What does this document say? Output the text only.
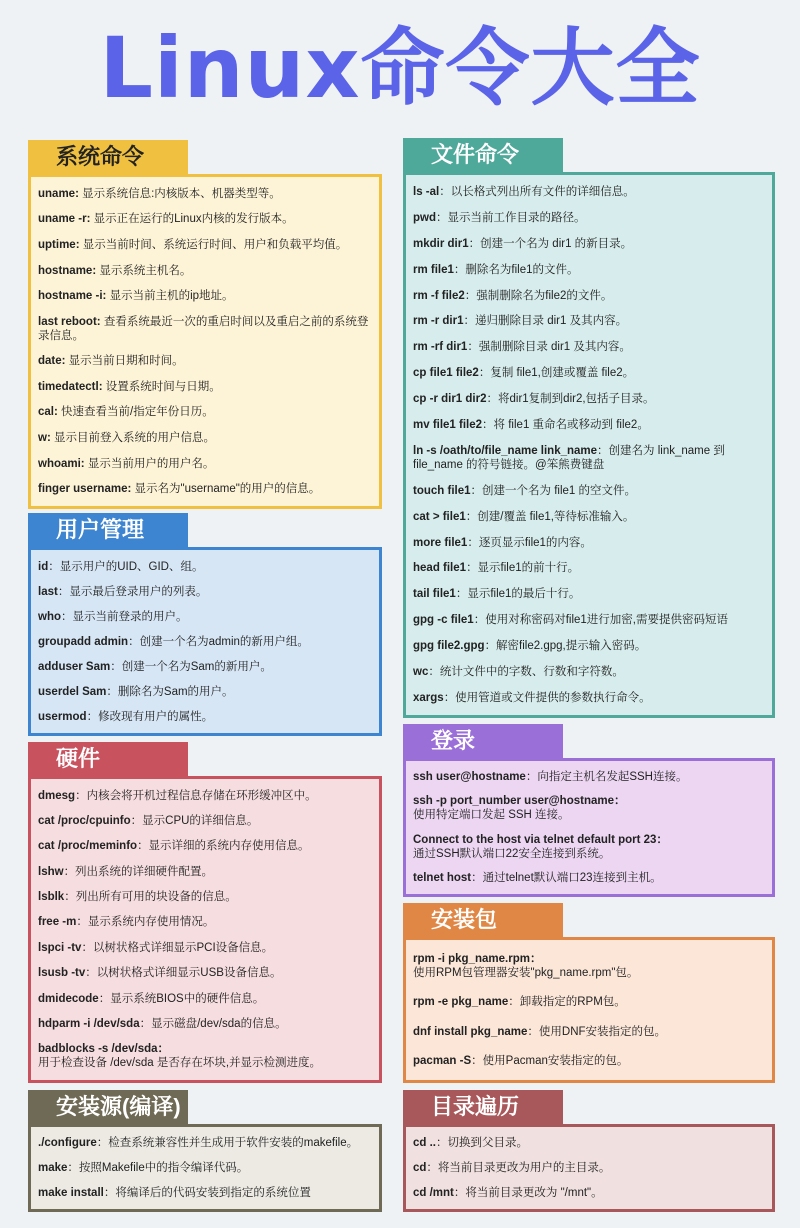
Linux命令大全
系统命令
uname: 显示系统信息:内核版本、机器类型等。
uname -r: 显示正在运行的Linux内核的发行版本。
uptime: 显示当前时间、系统运行时间、用户和负载平均值。
hostname: 显示系统主机名。
hostname -i: 显示当前主机的ip地址。
last reboot: 查看系统最近一次的重启时间以及重启之前的系统登录信息。
date: 显示当前日期和时间。
timedatectl: 设置系统时间与日期。
cal: 快速查看当前/指定年份日历。
w: 显示目前登入系统的用户信息。
whoami: 显示当前用户的用户名。
finger username: 显示名为"username"的用户的信息。
用户管理
id：显示用户的UID、GID、组。
last：显示最后登录用户的列表。
who：显示当前登录的用户。
groupadd admin：创建一个名为admin的新用户组。
adduser Sam：创建一个名为Sam的新用户。
userdel Sam：删除名为Sam的用户。
usermod：修改现有用户的属性。
硬件
dmesg：内核会将开机过程信息存储在环形缓冲区中。
cat /proc/cpuinfo：显示CPU的详细信息。
cat /proc/meminfo：显示详细的系统内存使用信息。
lshw：列出系统的详细硬件配置。
lsblk：列出所有可用的块设备的信息。
free -m：显示系统内存使用情况。
lspci -tv：以树状格式详细显示PCI设备信息。
lsusb -tv：以树状格式详细显示USB设备信息。
dmidecode：显示系统BIOS中的硬件信息。
hdparm -i /dev/sda：显示磁盘/dev/sda的信息。
badblocks -s /dev/sda：
用于检查设备 /dev/sda 是否存在坏块,并显示检测进度。
安装源(编译)
./configure：检查系统兼容性并生成用于软件安装的makefile。
make：按照Makefile中的指令编译代码。
make install：将编译后的代码安装到指定的系统位置
文件命令
ls -al：以长格式列出所有文件的详细信息。
pwd：显示当前工作目录的路径。
mkdir dir1：创建一个名为 dir1 的新目录。
rm file1：删除名为file1的文件。
rm -f file2：强制删除名为file2的文件。
rm -r dir1：递归删除目录 dir1 及其内容。
rm -rf dir1：强制删除目录 dir1 及其内容。
cp file1 file2：复制 file1,创建或覆盖 file2。
cp -r dir1 dir2：将dir1复制到dir2,包括子目录。
mv file1 file2：将 file1 重命名或移动到 file2。
ln -s /oath/to/file_name link_name：创建名为 link_name 到 file_name 的符号链接。@笨熊费键盘
touch file1：创建一个名为 file1 的空文件。
cat > file1：创建/覆盖 file1,等待标准输入。
more file1：逐页显示file1的内容。
head file1：显示file1的前十行。
tail file1：显示file1的最后十行。
gpg -c file1：使用对称密码对file1进行加密,需要提供密码短语
gpg file2.gpg：解密file2.gpg,提示输入密码。
wc：统计文件中的字数、行数和字符数。
xargs：使用管道或文件提供的参数执行命令。
登录
ssh user@hostname：向指定主机名发起SSH连接。
ssh -p port_number user@hostname：
使用特定端口发起 SSH 连接。
Connect to the host via telnet default port 23：
通过SSH默认端口22安全连接到系统。
telnet host：通过telnet默认端口23连接到主机。
安装包
rpm -i pkg_name.rpm：
使用RPM包管理器安装"pkg_name.rpm"包。
rpm -e pkg_name：卸载指定的RPM包。
dnf install pkg_name：使用DNF安装指定的包。
pacman -S：使用Pacman安装指定的包。
目录遍历
cd ..：切换到父目录。
cd：将当前目录更改为用户的主目录。
cd /mnt：将当前目录更改为 "/mnt"。
